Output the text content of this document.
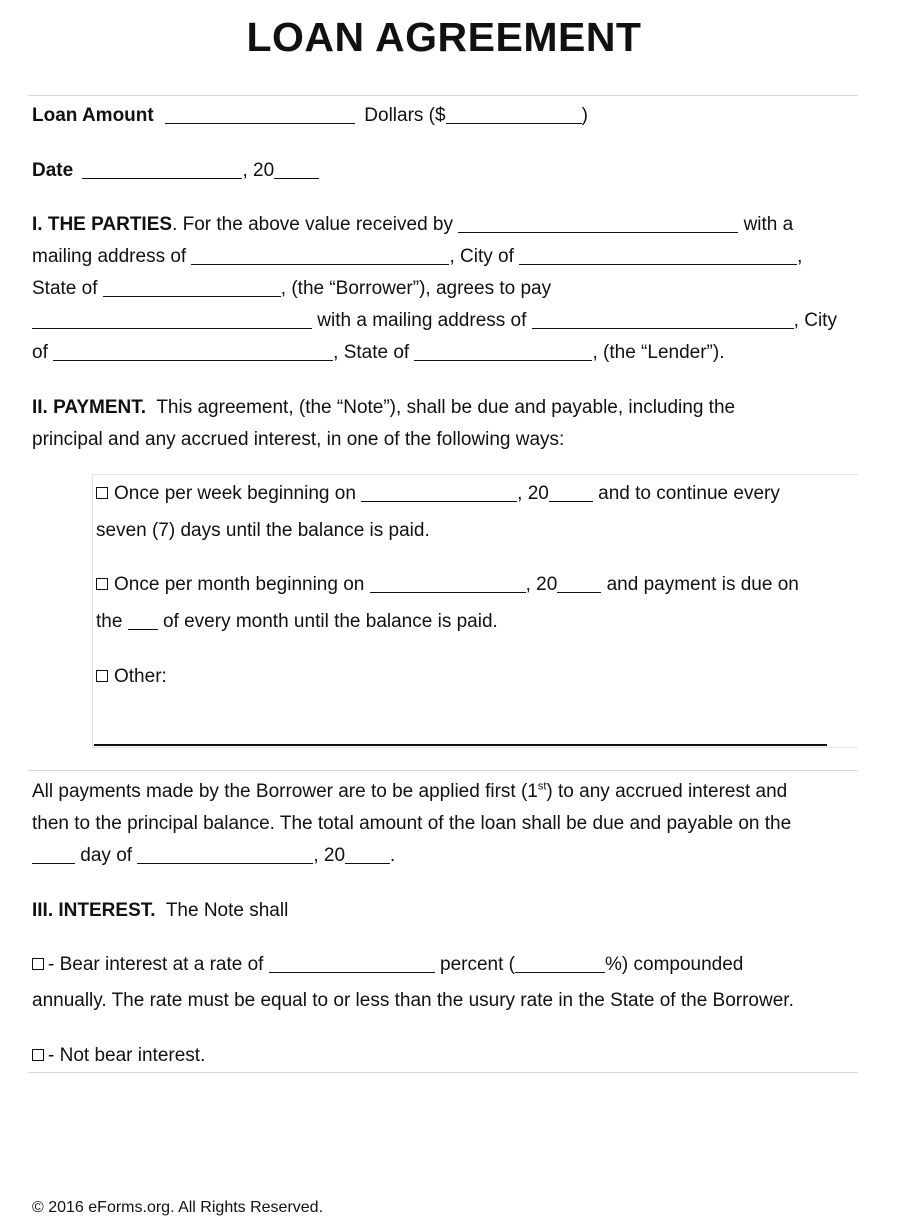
LOAN AGREEMENT
Loan Amount	Dollars ($	)
Date	, 20
I. THE PARTIES. For the above value received by	with a
mailing address of	, City of	,
State of	, (the “Borrower”), agrees to pay
with a mailing address of	, City
of	, State of	, (the “Lender”).
II. PAYMENT. This agreement, (the “Note”), shall be due and payable, including the
principal and any accrued interest, in one of the following ways:
Once per week beginning on	, 20	and to continue every
seven (7) days until the balance is paid.
Once per month beginning on	, 20	and payment is due on
the of every month until the balance is paid.
Other:
All payments made by the Borrower are to be applied first (1st) to any accrued interest and
then to the principal balance. The total amount of the loan shall be due and payable on the
day of	, 20 .
III. INTEREST. The Note shall
- Bear interest at a rate of	percent (	%) compounded
annually. The rate must be equal to or less than the usury rate in the State of the Borrower.
- Not bear interest.
© 2016 eForms.org. All Rights Reserved.
